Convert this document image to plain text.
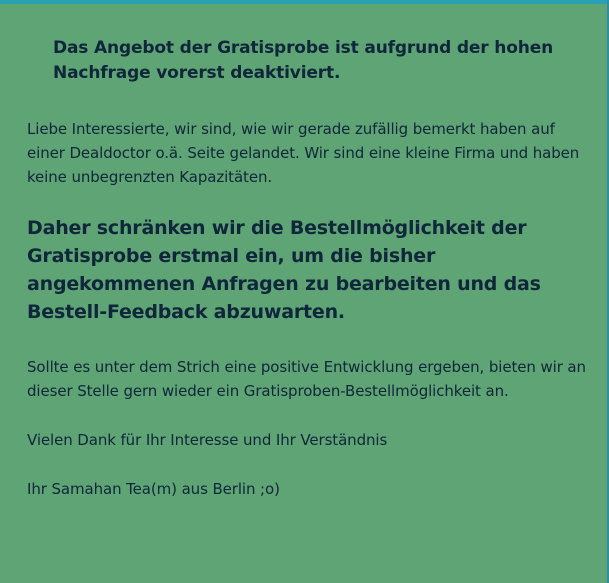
Das Angebot der Gratisprobe ist aufgrund der hohen Nachfrage vorerst deaktiviert.

Liebe Interessierte, wir sind, wie wir gerade zufällig bemerkt haben auf einer Dealdoctor o.ä. Seite gelandet. Wir sind eine kleine Firma und haben keine unbegrenzten Kapazitäten.

Daher schränken wir die Bestellmöglichkeit der Gratisprobe erstmal ein, um die bisher angekommenen Anfragen zu bearbeiten und das Bestell-Feedback abzuwarten.

Sollte es unter dem Strich eine positive Entwicklung ergeben, bieten wir an dieser Stelle gern wieder ein Gratisproben-Bestellmöglichkeit an.

Vielen Dank für Ihr Interesse und Ihr Verständnis

Ihr Samahan Tea(m) aus Berlin ;o)
